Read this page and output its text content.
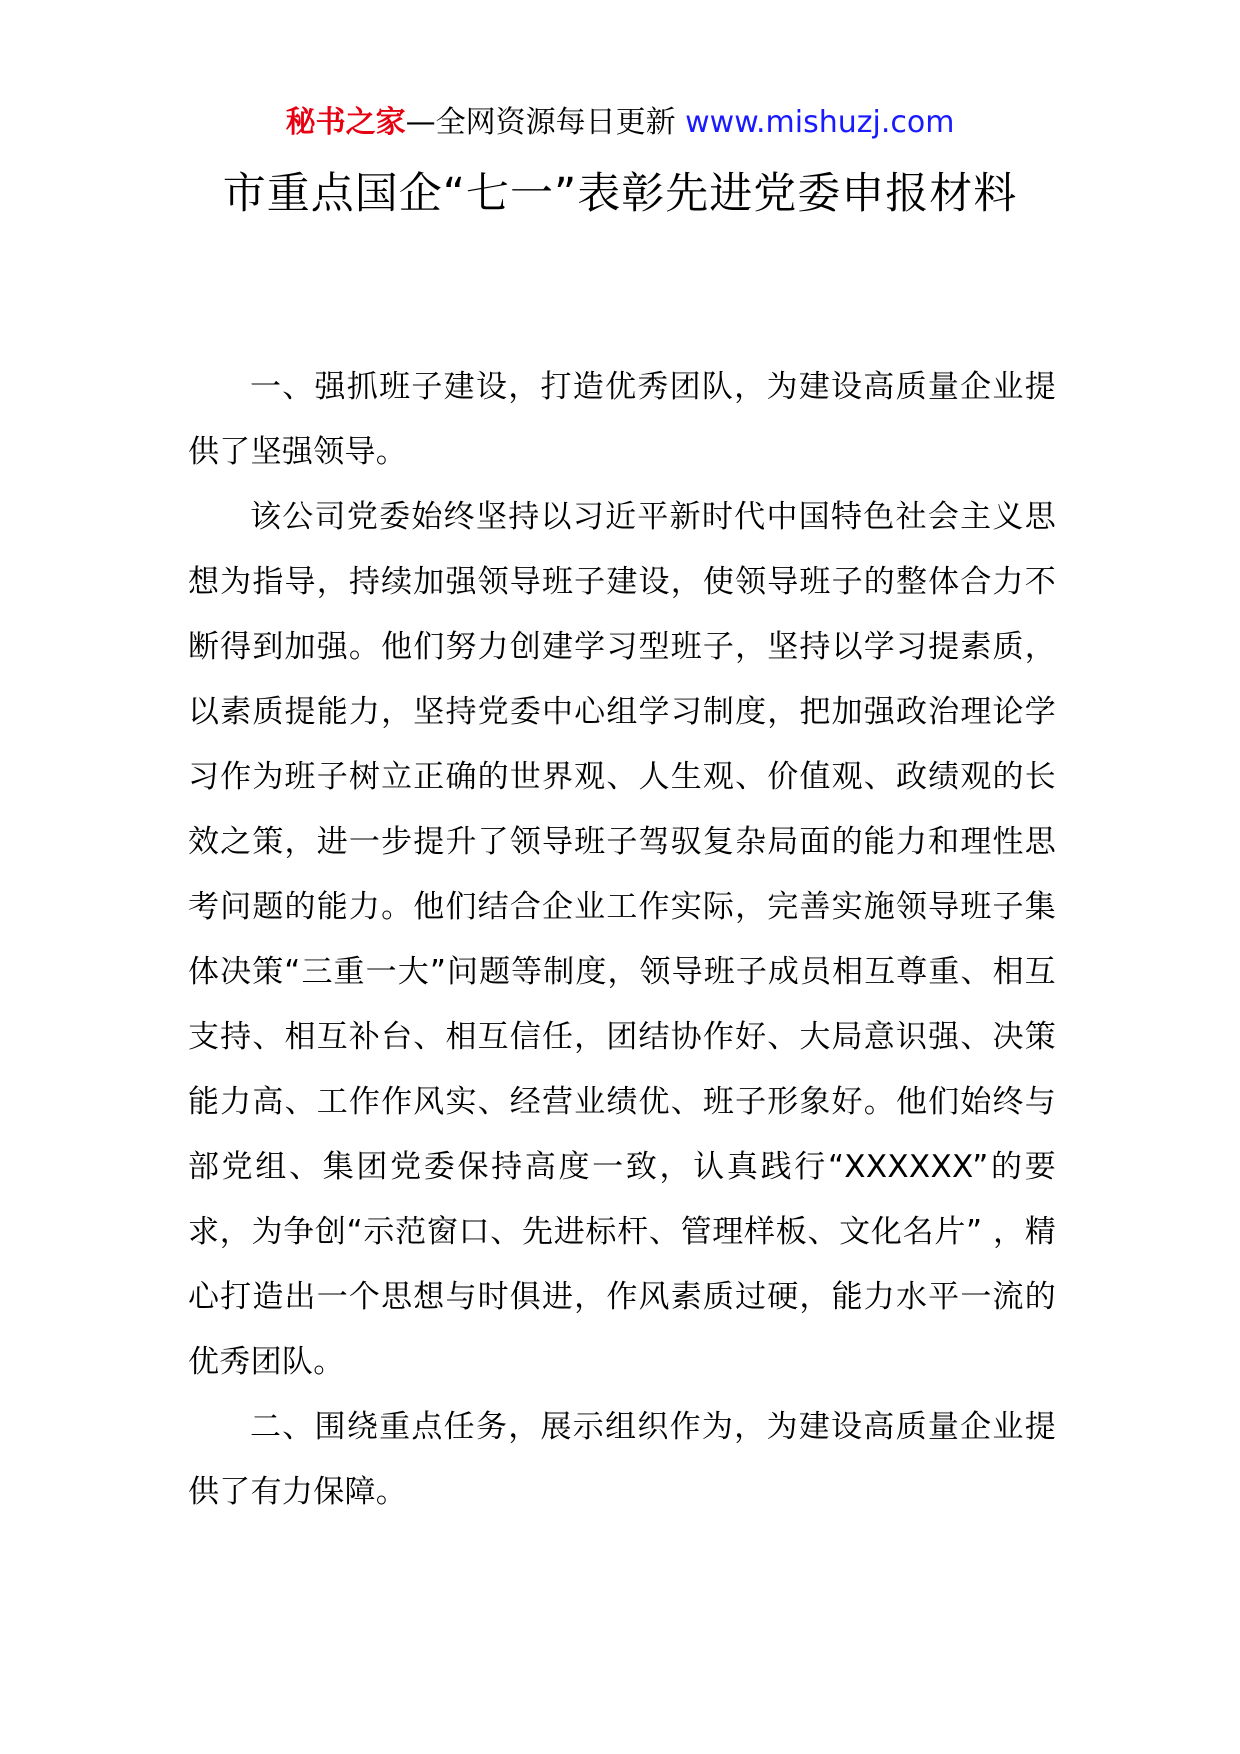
秘书之家—全网资源每日更新 www.mishuzj.com
市重点国企“七一”表彰先进党委申报材料

一、强抓班子建设，打造优秀团队，为建设高质量企业提供了坚强领导。

该公司党委始终坚持以习近平新时代中国特色社会主义思想为指导，持续加强领导班子建设，使领导班子的整体合力不断得到加强。他们努力创建学习型班子，坚持以学习提素质，以素质提能力，坚持党委中心组学习制度，把加强政治理论学习作为班子树立正确的世界观、人生观、价值观、政绩观的长效之策，进一步提升了领导班子驾驭复杂局面的能力和理性思考问题的能力。他们结合企业工作实际，完善实施领导班子集体决策“三重一大”问题等制度，领导班子成员相互尊重、相互支持、相互补台、相互信任，团结协作好、大局意识强、决策能力高、工作作风实、经营业绩优、班子形象好。他们始终与部党组、集团党委保持高度一致，认真践行“XXXXXX”的要求，为争创“示范窗口、先进标杆、管理样板、文化名片” ，精心打造出一个思想与时俱进，作风素质过硬，能力水平一流的优秀团队。

二、围绕重点任务，展示组织作为，为建设高质量企业提供了有力保障。
